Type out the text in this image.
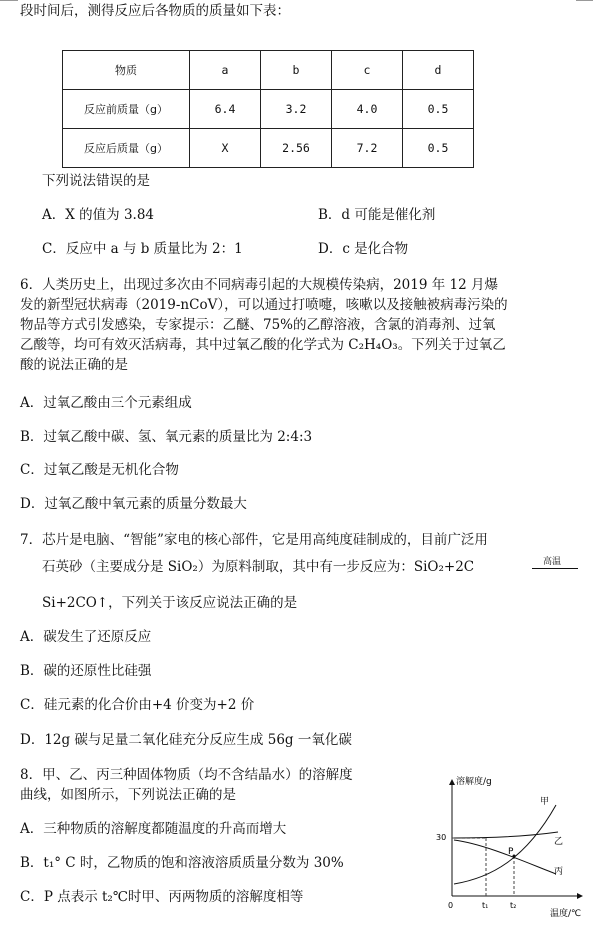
段时间后，测得反应后各物质的质量如下表：
物质	a	b	c	d
反应前质量（g）	6.4	3.2	4.0	0.5
反应后质量（g）	X	2.56	7.2	0.5
下列说法错误的是
A．X 的值为 3.84	B．d 可能是催化剂
C．反应中 a 与 b 质量比为 2：1	D．c 是化合物
6．人类历史上，出现过多次由不同病毒引起的大规模传染病，2019 年 12 月爆
发的新型冠状病毒（2019-nCoV），可以通过打喷嚏，咳嗽以及接触被病毒污染的
物品等方式引发感染，专家提示：乙醚、75%的乙醇溶液，含氯的消毒剂、过氧
乙酸等，均可有效灭活病毒，其中过氧乙酸的化学式为 C₂H₄O₃。下列关于过氧乙
酸的说法正确的是
A．过氧乙酸由三个元素组成
B．过氧乙酸中碳、氢、氧元素的质量比为 2:4:3
C．过氧乙酸是无机化合物
D．过氧乙酸中氧元素的质量分数最大
7．芯片是电脑、“智能”家电的核心部件，它是用高纯度硅制成的，目前广泛用
石英砂（主要成分是 SiO₂）为原料制取，其中有一步反应为：SiO₂+2C	高温
Si+2CO↑，下列关于该反应说法正确的是
A．碳发生了还原反应
B．碳的还原性比硅强
C．硅元素的化合价由+4 价变为+2 价
D．12g 碳与足量二氧化硅充分反应生成 56g 一氧化碳
8．甲、乙、丙三种固体物质（均不含结晶水）的溶解度
曲线，如图所示，下列说法正确的是
A．三种物质的溶解度都随温度的升高而增大
B．t₁° C 时，乙物质的饱和溶液溶质质量分数为 30%
C．P 点表示 t₂℃时甲、丙两物质的溶解度相等
溶解度/g
温度/℃
0	t₁	t₂
30
P
甲
乙
丙
